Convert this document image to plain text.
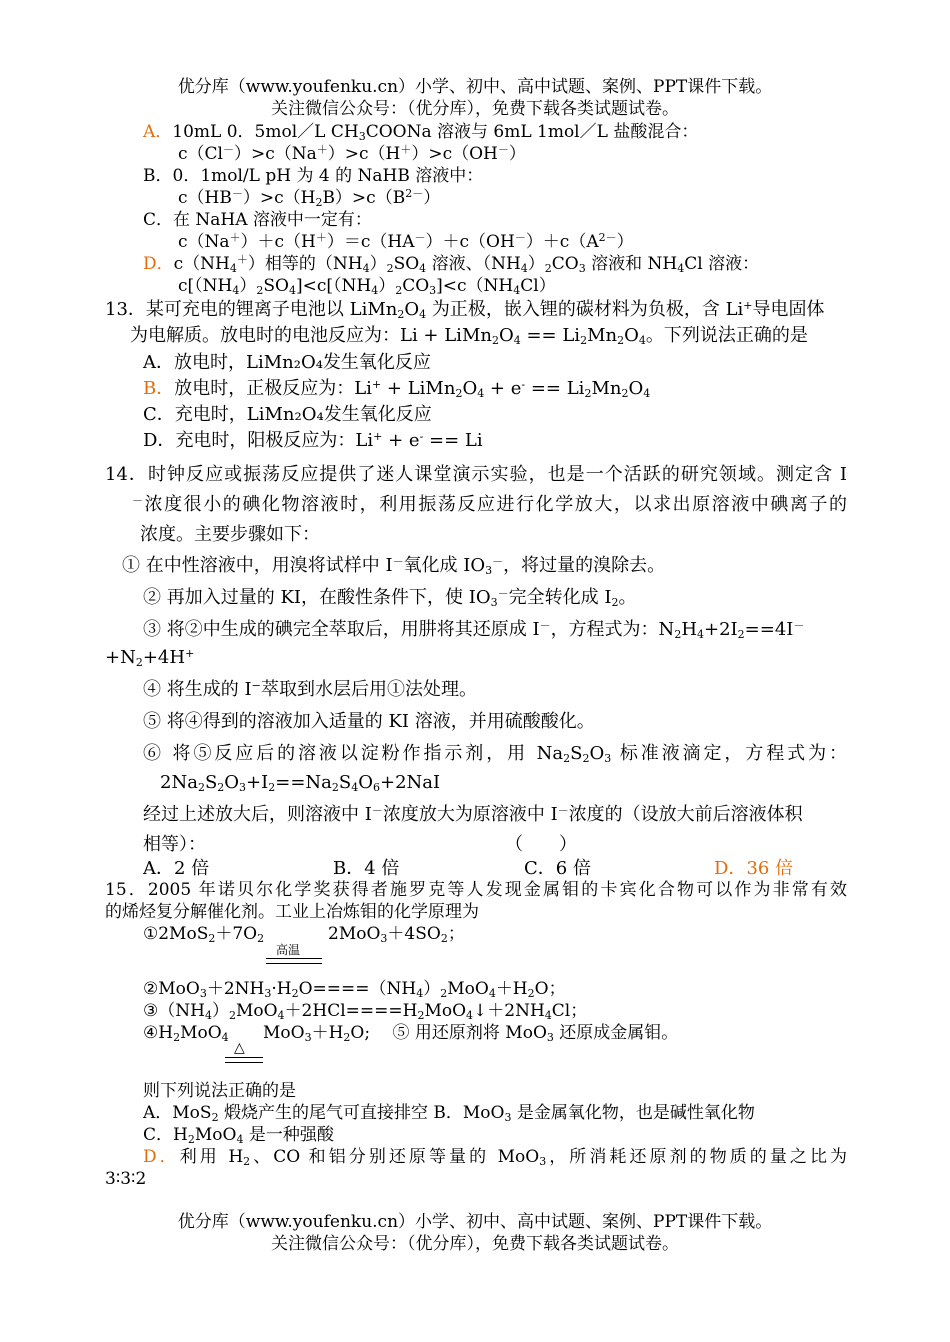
优分库（www.youfenku.cn）小学、初中、高中试题、案例、PPT课件下载。
关注微信公众号：（优分库），免费下载各类试题试卷。
A．10mL 0．5mol／L $CH_3COONa$ 溶液与 6mL 1mol／L 盐酸混合：
c（Cl－）>c（Na＋）>c（H＋）>c（OH－）
B．0．1mol/L pH 为 4 的 NaHB 溶液中：
$c(HB^-)>c(H_2B)>c(B^{2-})$
C．在 NaHA 溶液中一定有：
$c(Na^+)+c(H^+)=c(HA^-)+c(OH^-)+c(A^{2-})$
D．$c(NH_4^+)$相等的$(NH_4)_2SO_4$ 溶液、$(NH_4)_2CO_3$ 溶液和 $NH_4Cl$ 溶液：
$c[(NH_4)_2SO_4]<c[(NH_4)_2CO_3]<c(NH_4Cl)$
13．某可充电的锂离子电池以 $LiMn_2O_4$ 为正极，嵌入锂的碳材料为负极，含 Li+导电固体
为电解质。放电时的电池反应为：$Li + LiMn_2O_4 == Li_2Mn_2O_4$。下列说法正确的是
A．放电时，LiMn₂O₄发生氧化反应
B．放电时，正极反应为：$Li^+ + LiMn_2O_4 + e^- == Li_2Mn_2O_4$
C．充电时，LiMn₂O₄发生氧化反应
D．充电时，阳极反应为：Li+ + e- == Li
14．时钟反应或振荡反应提供了迷人课堂演示实验，也是一个活跃的研究领域。测定含 I
－浓度很小的碘化物溶液时，利用振荡反应进行化学放大，以求出原溶液中碘离子的
浓度。主要步骤如下：
① 在中性溶液中，用溴将试样中 I－氧化成 $IO_3^-$，将过量的溴除去。
② 再加入过量的 KI，在酸性条件下，使 $IO_3^-$完全转化成 $I_2$。
③ 将②中生成的碘完全萃取后，用肼将其还原成 I－，方程式为：$N_2H_4+2I_2==4I^-$
$+N_2+4H^+$
④ 将生成的 I⁻萃取到水层后用①法处理。
⑤ 将④得到的溶液加入适量的 KI 溶液，并用硫酸酸化。
⑥ 将⑤反应后的溶液以淀粉作指示剂，用 $Na_2S_2O_3$ 标准液滴定，方程式为：
$2Na_2S_2O_3+I_2==Na_2S_4O_6+2NaI$
经过上述放大后，则溶液中 I－浓度放大为原溶液中 I－浓度的（设放大前后溶液体积
相等）：	（　　）
A．2 倍	B．4 倍	C．6 倍	D．36 倍
15．2005 年诺贝尔化学奖获得者施罗克等人发现金属钼的卡宾化合物可以作为非常有效
的烯烃复分解催化剂。工业上冶炼钼的化学原理为
$①2MoS_2+7O_2$	$2MoO_3+4SO_2$；
高温
$②MoO_3+2NH_3\cdot H_2O====(NH_4)_2MoO_4+H_2O$；
$③(NH_4)_2MoO_4+2HCl====H_2MoO_4↓+2NH_4Cl$；
$④H_2MoO_4$ $MoO_3+H_2O$;　 ⑤ 用还原剂将 MoO$_3$ 还原成金属钼。
△
则下列说法正确的是
A．MoS$_2$ 煅烧产生的尾气可直接排空 B．MoO$_3$ 是金属氧化物，也是碱性氧化物
C．$H_2MoO_4$ 是一种强酸
D．利用 $H_2$、CO 和铝分别还原等量的 MoO$_3$，所消耗还原剂的物质的量之比为
3∶3∶2
优分库（www.youfenku.cn）小学、初中、高中试题、案例、PPT课件下载。
关注微信公众号：（优分库），免费下载各类试题试卷。
